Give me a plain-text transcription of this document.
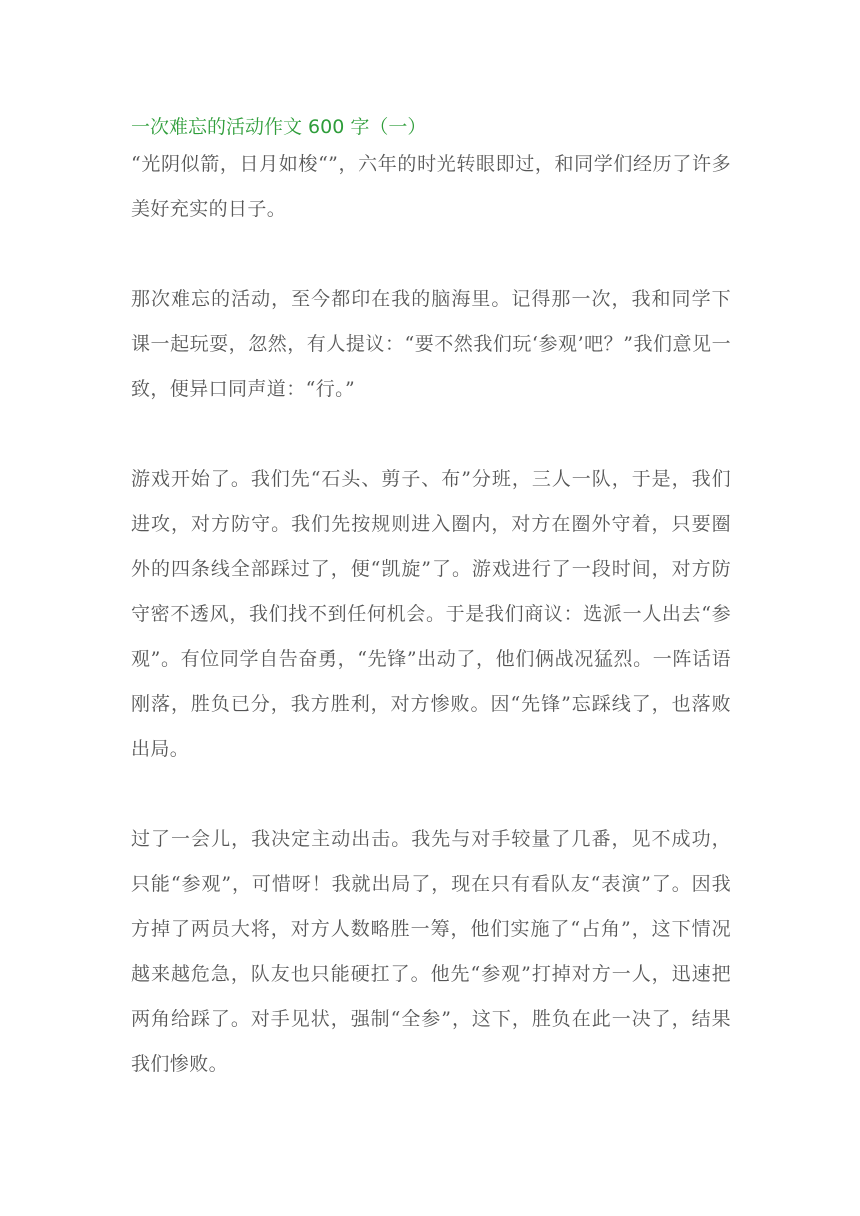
一次难忘的活动作文 600 字（一）

“光阴似箭，日月如梭“”，六年的时光转眼即过，和同学们经历了许多美好充实的日子。

那次难忘的活动，至今都印在我的脑海里。记得那一次，我和同学下课一起玩耍，忽然，有人提议：“要不然我们玩‘参观’吧？”我们意见一致，便异口同声道：“行。”

游戏开始了。我们先“石头、剪子、布”分班，三人一队，于是，我们进攻，对方防守。我们先按规则进入圈内，对方在圈外守着，只要圈外的四条线全部踩过了，便“凯旋”了。游戏进行了一段时间，对方防守密不透风，我们找不到任何机会。于是我们商议：选派一人出去“参观”。有位同学自告奋勇，“先锋”出动了，他们俩战况猛烈。一阵话语刚落，胜负已分，我方胜利，对方惨败。因“先锋”忘踩线了，也落败出局。

过了一会儿，我决定主动出击。我先与对手较量了几番，见不成功，只能“参观”，可惜呀！我就出局了，现在只有看队友“表演”了。因我方掉了两员大将，对方人数略胜一筹，他们实施了“占角”，这下情况越来越危急，队友也只能硬扛了。他先“参观”打掉对方一人，迅速把两角给踩了。对手见状，强制“全参”，这下，胜负在此一决了，结果我们惨败。
